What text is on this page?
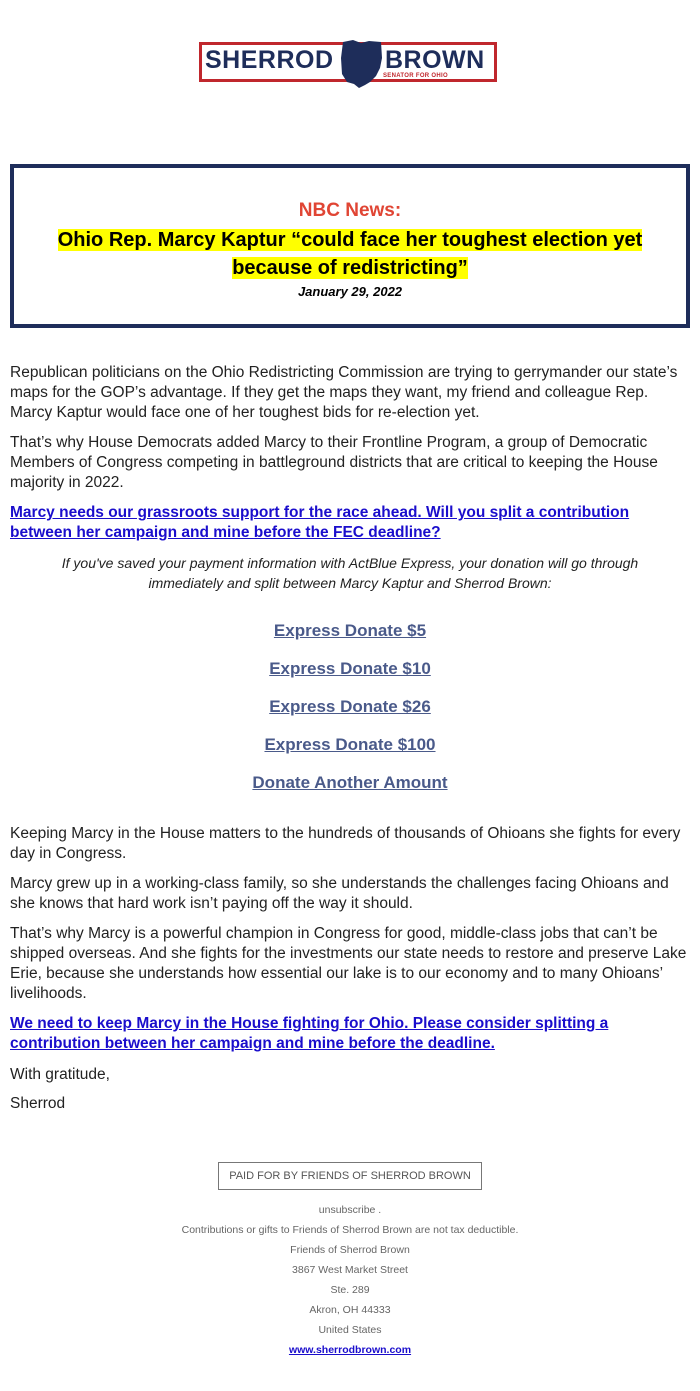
SHERROD BROWN
SENATOR FOR OHIO
NBC News:
Ohio Rep. Marcy Kaptur “could face her toughest election yet because of redistricting”
January 29, 2022

Republican politicians on the Ohio Redistricting Commission are trying to gerrymander our state’s maps for the GOP’s advantage. If they get the maps they want, my friend and colleague Rep. Marcy Kaptur would face one of her toughest bids for re-election yet.

That’s why House Democrats added Marcy to their Frontline Program, a group of Democratic Members of Congress competing in battleground districts that are critical to keeping the House majority in 2022.

Marcy needs our grassroots support for the race ahead. Will you split a contribution between her campaign and mine before the FEC deadline?

If you've saved your payment information with ActBlue Express, your donation will go through immediately and split between Marcy Kaptur and Sherrod Brown:

Express Donate $5
Express Donate $10
Express Donate $26
Express Donate $100
Donate Another Amount

Keeping Marcy in the House matters to the hundreds of thousands of Ohioans she fights for every day in Congress.

Marcy grew up in a working-class family, so she understands the challenges facing Ohioans and she knows that hard work isn’t paying off the way it should.

That’s why Marcy is a powerful champion in Congress for good, middle-class jobs that can’t be shipped overseas. And she fights for the investments our state needs to restore and preserve Lake Erie, because she understands how essential our lake is to our economy and to many Ohioans’ livelihoods.

We need to keep Marcy in the House fighting for Ohio. Please consider splitting a contribution between her campaign and mine before the deadline.

With gratitude,

Sherrod

PAID FOR BY FRIENDS OF SHERROD BROWN
unsubscribe .
Contributions or gifts to Friends of Sherrod Brown are not tax deductible.
Friends of Sherrod Brown
3867 West Market Street
Ste. 289
Akron, OH 44333
United States
www.sherrodbrown.com
